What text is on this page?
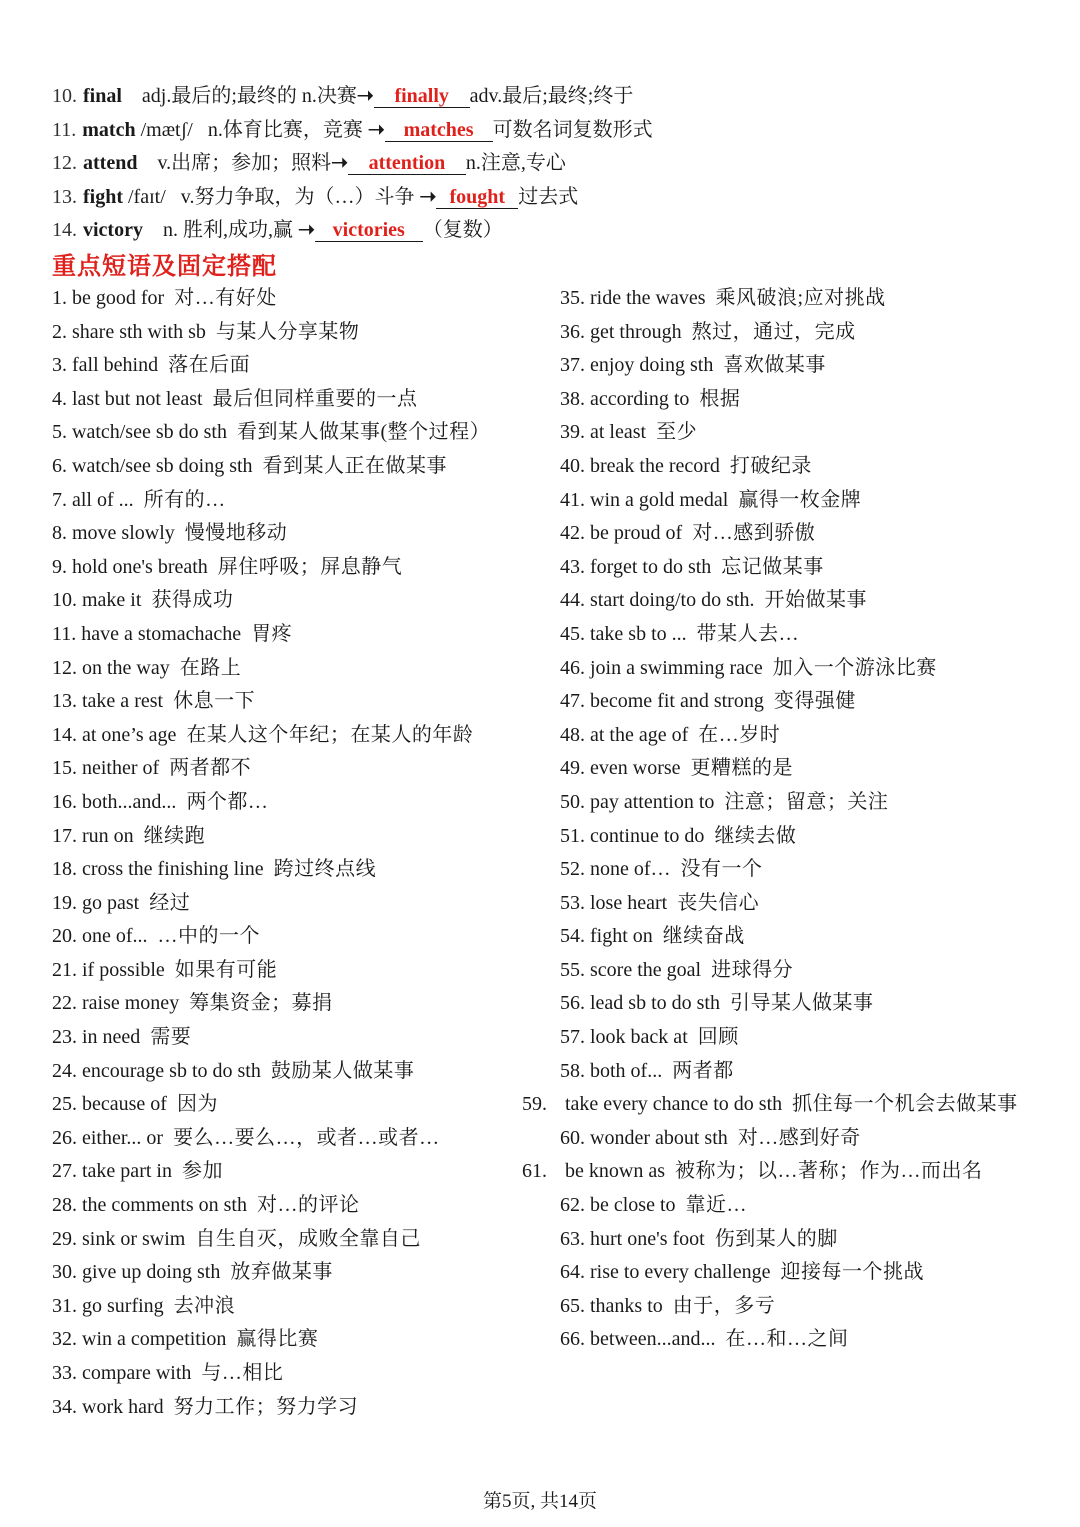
10. final adj.最后的;最终的 n.决赛➝ finally adv.最后;最终;终于
11. match /mætʃ/ n.体育比赛，竞赛 ➝ matches 可数名词复数形式
12. attend v.出席；参加；照料➝ attention n.注意,专心
13. fight /faɪt/ v.努力争取，为（…）斗争 ➝ fought 过去式
14. victory n. 胜利,成功,赢 ➝ victories （复数）
重点短语及固定搭配
1. be good for 对…有好处
2. share sth with sb 与某人分享某物
3. fall behind 落在后面
4. last but not least 最后但同样重要的一点
5. watch/see sb do sth 看到某人做某事(整个过程）
6. watch/see sb doing sth 看到某人正在做某事
7. all of ... 所有的…
8. move slowly 慢慢地移动
9. hold one's breath 屏住呼吸；屏息静气
10. make it 获得成功
11. have a stomachache 胃疼
12. on the way 在路上
13. take a rest 休息一下
14. at one’s age 在某人这个年纪；在某人的年龄
15. neither of 两者都不
16. both...and... 两个都…
17. run on 继续跑
18. cross the finishing line 跨过终点线
19. go past 经过
20. one of... …中的一个
21. if possible 如果有可能
22. raise money 筹集资金；募捐
23. in need 需要
24. encourage sb to do sth 鼓励某人做某事
25. because of 因为
26. either... or 要么…要么…，或者…或者…
27. take part in 参加
28. the comments on sth 对…的评论
29. sink or swim 自生自灭，成败全靠自己
30. give up doing sth 放弃做某事
31. go surfing 去冲浪
32. win a competition 赢得比赛
33. compare with 与…相比
34. work hard 努力工作；努力学习
35. ride the waves 乘风破浪;应对挑战
36. get through 熬过，通过，完成
37. enjoy doing sth 喜欢做某事
38. according to 根据
39. at least 至少
40. break the record 打破纪录
41. win a gold medal 赢得一枚金牌
42. be proud of 对…感到骄傲
43. forget to do sth 忘记做某事
44. start doing/to do sth. 开始做某事
45. take sb to ... 带某人去…
46. join a swimming race 加入一个游泳比赛
47. become fit and strong 变得强健
48. at the age of 在…岁时
49. even worse 更糟糕的是
50. pay attention to 注意；留意；关注
51. continue to do 继续去做
52. none of… 没有一个
53. lose heart 丧失信心
54. fight on 继续奋战
55. score the goal 进球得分
56. lead sb to do sth 引导某人做某事
57. look back at 回顾
58. both of... 两者都
59. take every chance to do sth 抓住每一个机会去做某事
60. wonder about sth 对…感到好奇
61. be known as 被称为；以…著称；作为…而出名
62. be close to 靠近…
63. hurt one's foot 伤到某人的脚
64. rise to every challenge 迎接每一个挑战
65. thanks to 由于，多亏
66. between...and... 在…和…之间
第5页, 共14页
